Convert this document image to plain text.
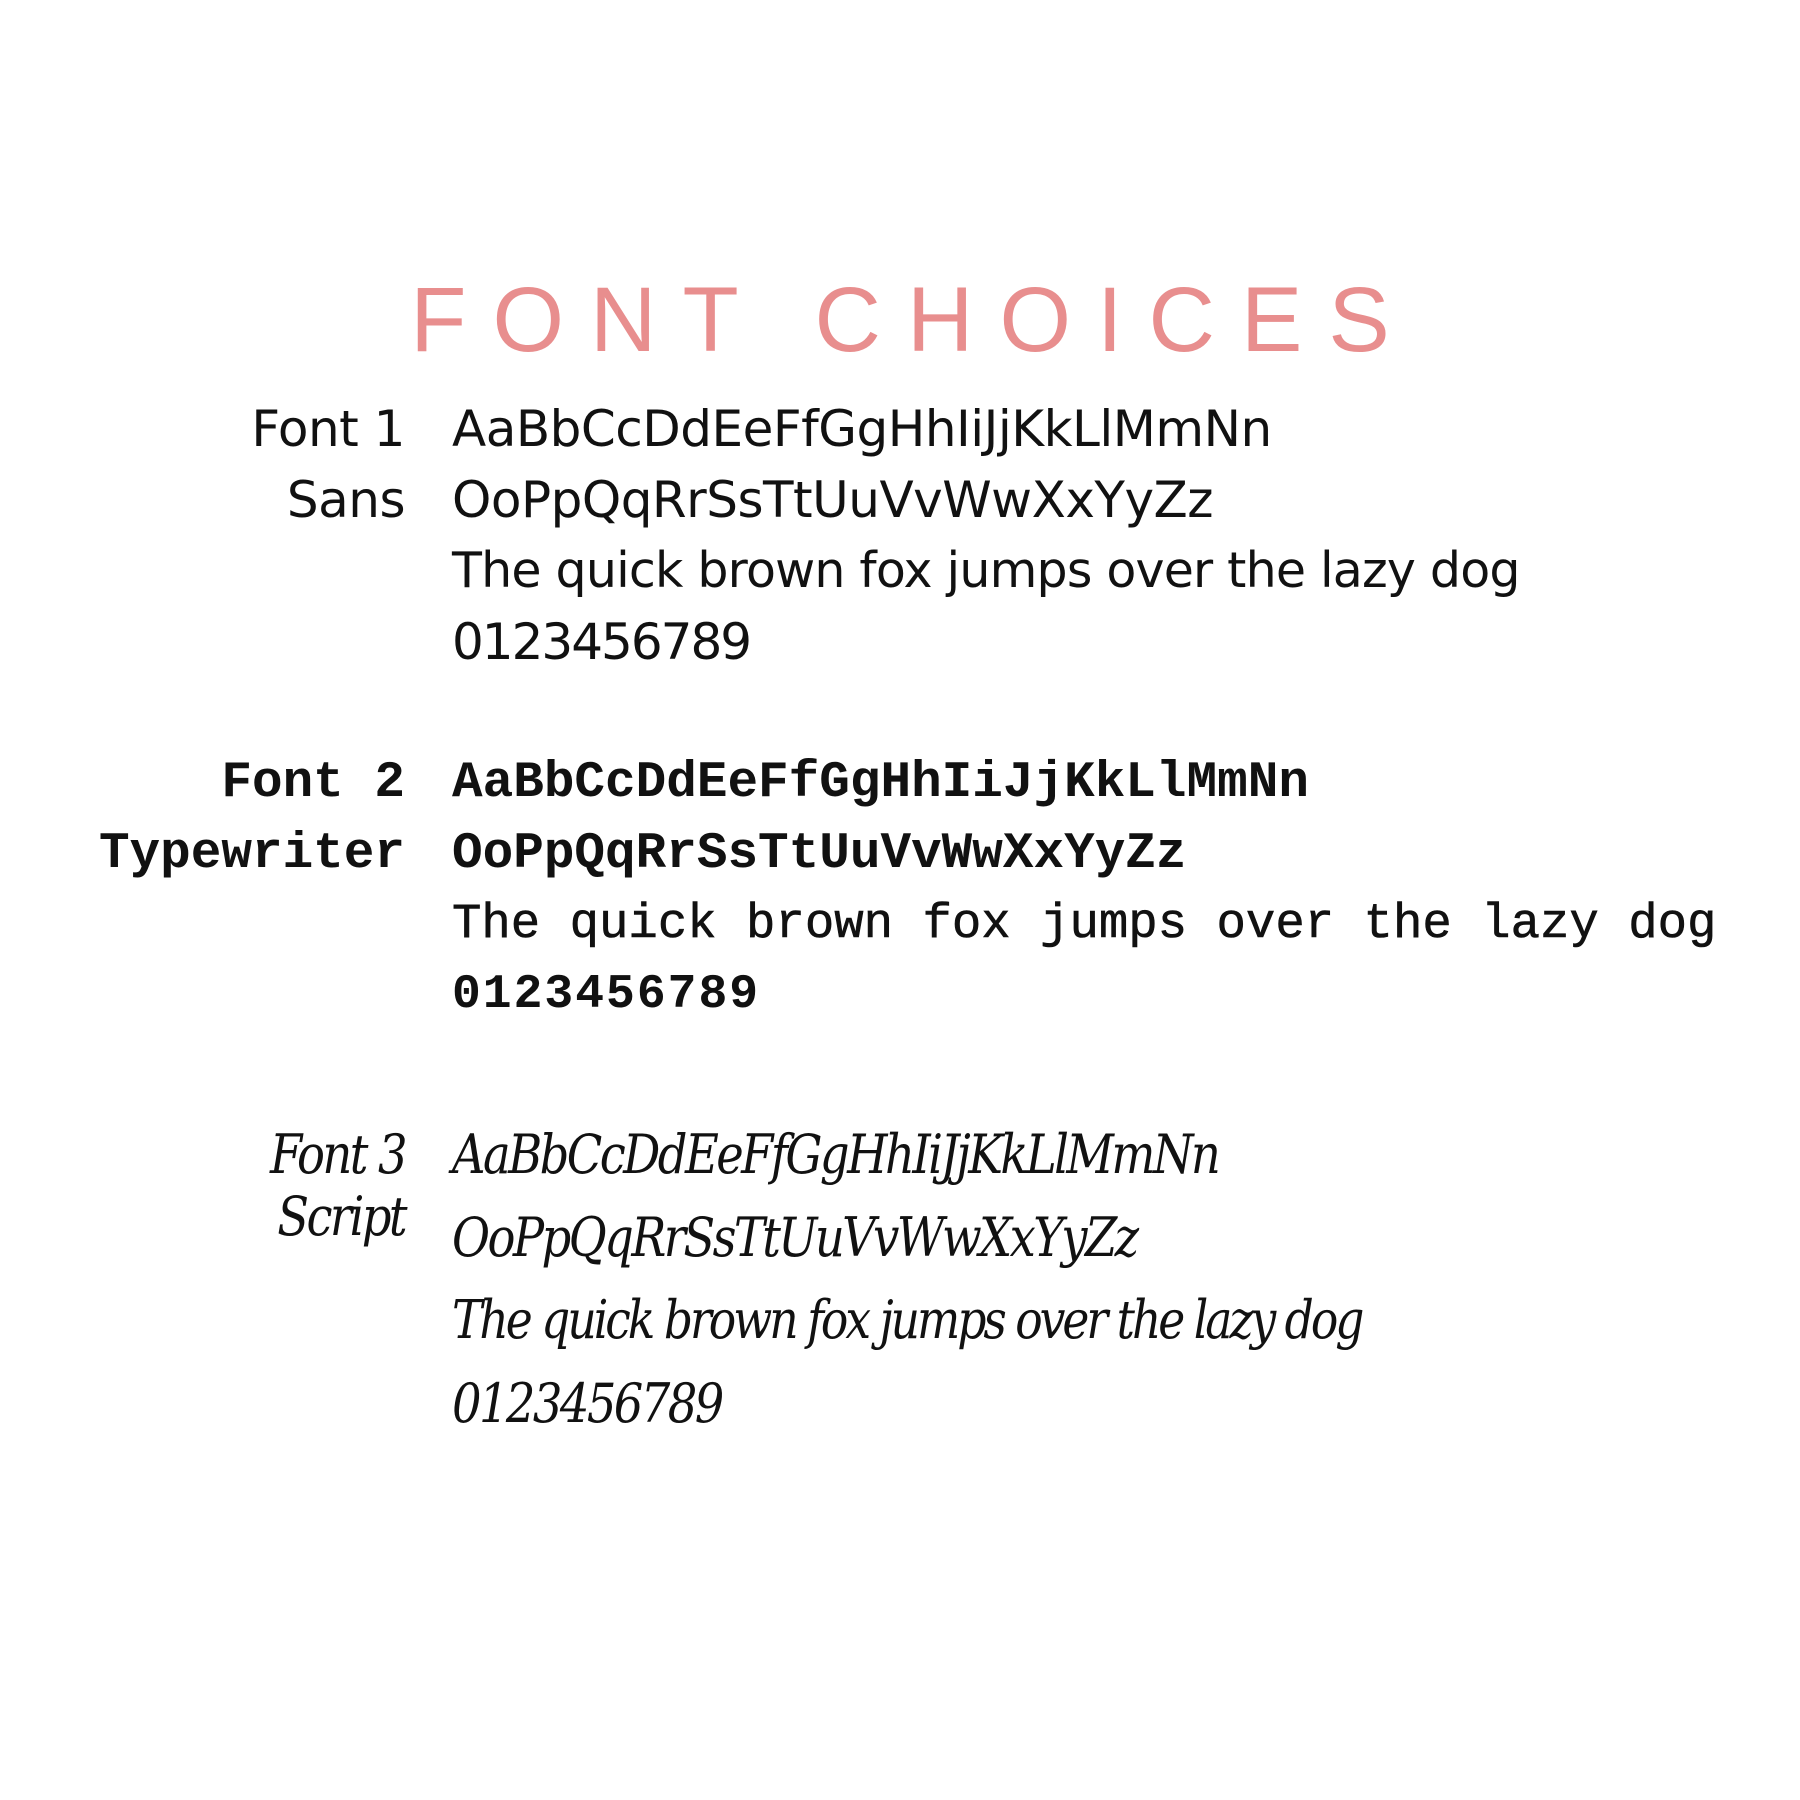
FONT CHOICES
Font 1
Sans
AaBbCcDdEeFfGgHhIiJjKkLlMmNn
OoPpQqRrSsTtUuVvWwXxYyZz
The quick brown fox jumps over the lazy dog
0123456789
Font 2
Typewriter
AaBbCcDdEeFfGgHhIiJjKkLlMmNn
OoPpQqRrSsTtUuVvWwXxYyZz
The quick brown fox jumps over the lazy dog
0123456789
Font 3
Script
AaBbCcDdEeFfGgHhIiJjKkLlMmNn
OoPpQqRrSsTtUuVvWwXxYyZz
The quick brown fox jumps over the lazy dog
0123456789
